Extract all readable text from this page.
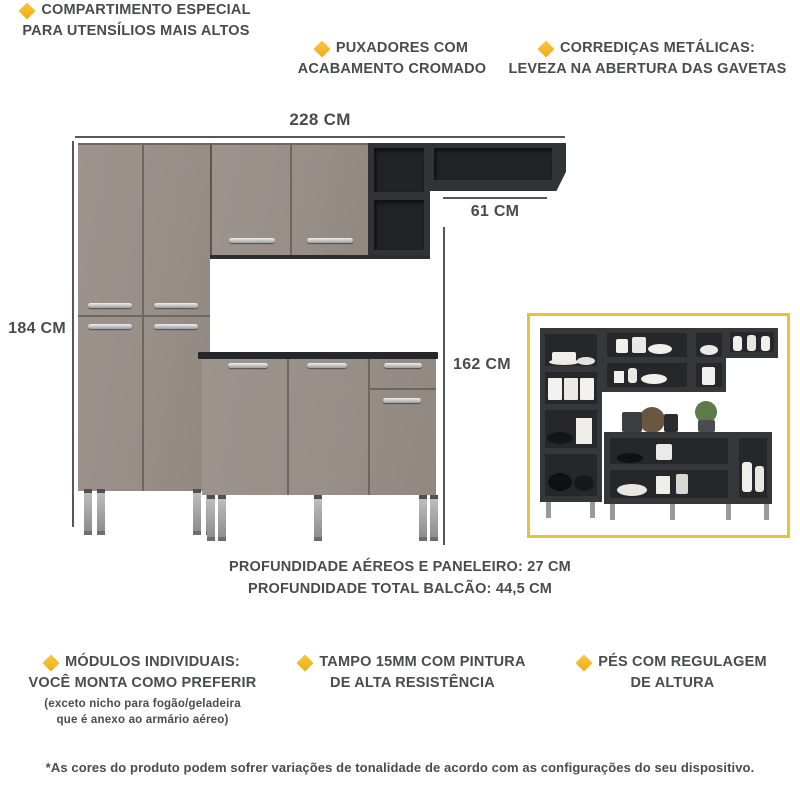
COMPARTIMENTO ESPECIAL
PARA UTENSÍLIOS MAIS ALTOS
PUXADORES COM
ACABAMENTO CROMADO
CORREDIÇAS METÁLICAS:
LEVEZA NA ABERTURA DAS GAVETAS
228 CM
184 CM
61 CM
162 CM
PROFUNDIDADE AÉREOS E PANELEIRO: 27 CM
PROFUNDIDADE TOTAL BALCÃO: 44,5 CM
MÓDULOS INDIVIDUAIS:
VOCÊ MONTA COMO PREFERIR
(exceto nicho para fogão/geladeira
que é anexo ao armário aéreo)
TAMPO 15MM COM PINTURA
DE ALTA RESISTÊNCIA
PÉS COM REGULAGEM
DE ALTURA
*As cores do produto podem sofrer variações de tonalidade de acordo com as configurações do seu dispositivo.
